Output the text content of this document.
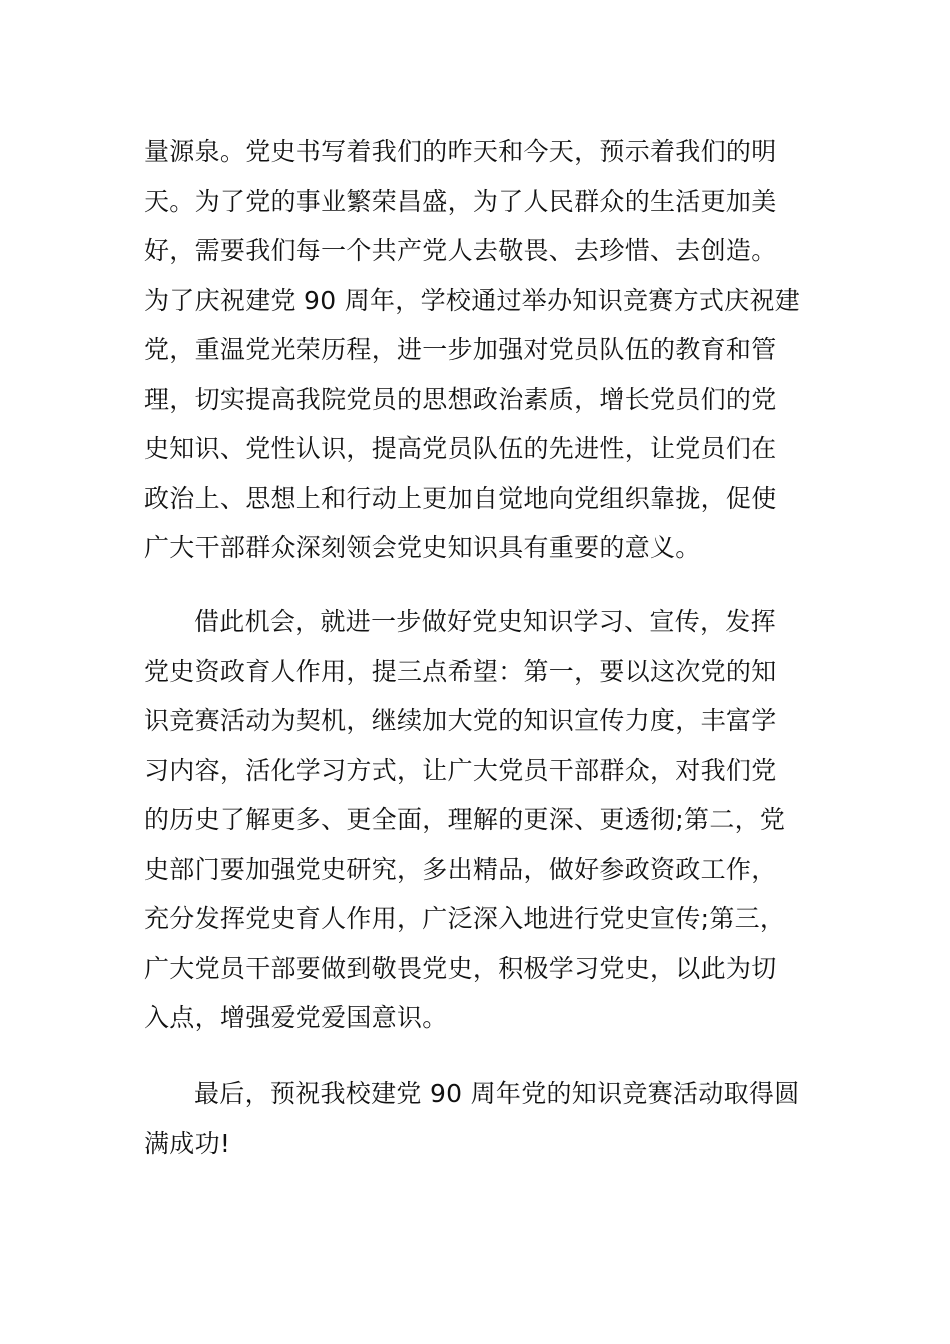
量源泉。党史书写着我们的昨天和今天，预示着我们的明
天。为了党的事业繁荣昌盛，为了人民群众的生活更加美
好，需要我们每一个共产党人去敬畏、去珍惜、去创造。
为了庆祝建党 90 周年，学校通过举办知识竞赛方式庆祝建
党，重温党光荣历程，进一步加强对党员队伍的教育和管
理，切实提高我院党员的思想政治素质，增长党员们的党
史知识、党性认识，提高党员队伍的先进性，让党员们在
政治上、思想上和行动上更加自觉地向党组织靠拢，促使
广大干部群众深刻领会党史知识具有重要的意义。
借此机会，就进一步做好党史知识学习、宣传，发挥
党史资政育人作用，提三点希望：第一，要以这次党的知
识竞赛活动为契机，继续加大党的知识宣传力度，丰富学
习内容，活化学习方式，让广大党员干部群众，对我们党
的历史了解更多、更全面，理解的更深、更透彻;第二，党
史部门要加强党史研究，多出精品，做好参政资政工作，
充分发挥党史育人作用，广泛深入地进行党史宣传;第三，
广大党员干部要做到敬畏党史，积极学习党史，以此为切
入点，增强爱党爱国意识。
最后，预祝我校建党 90 周年党的知识竞赛活动取得圆
满成功!
